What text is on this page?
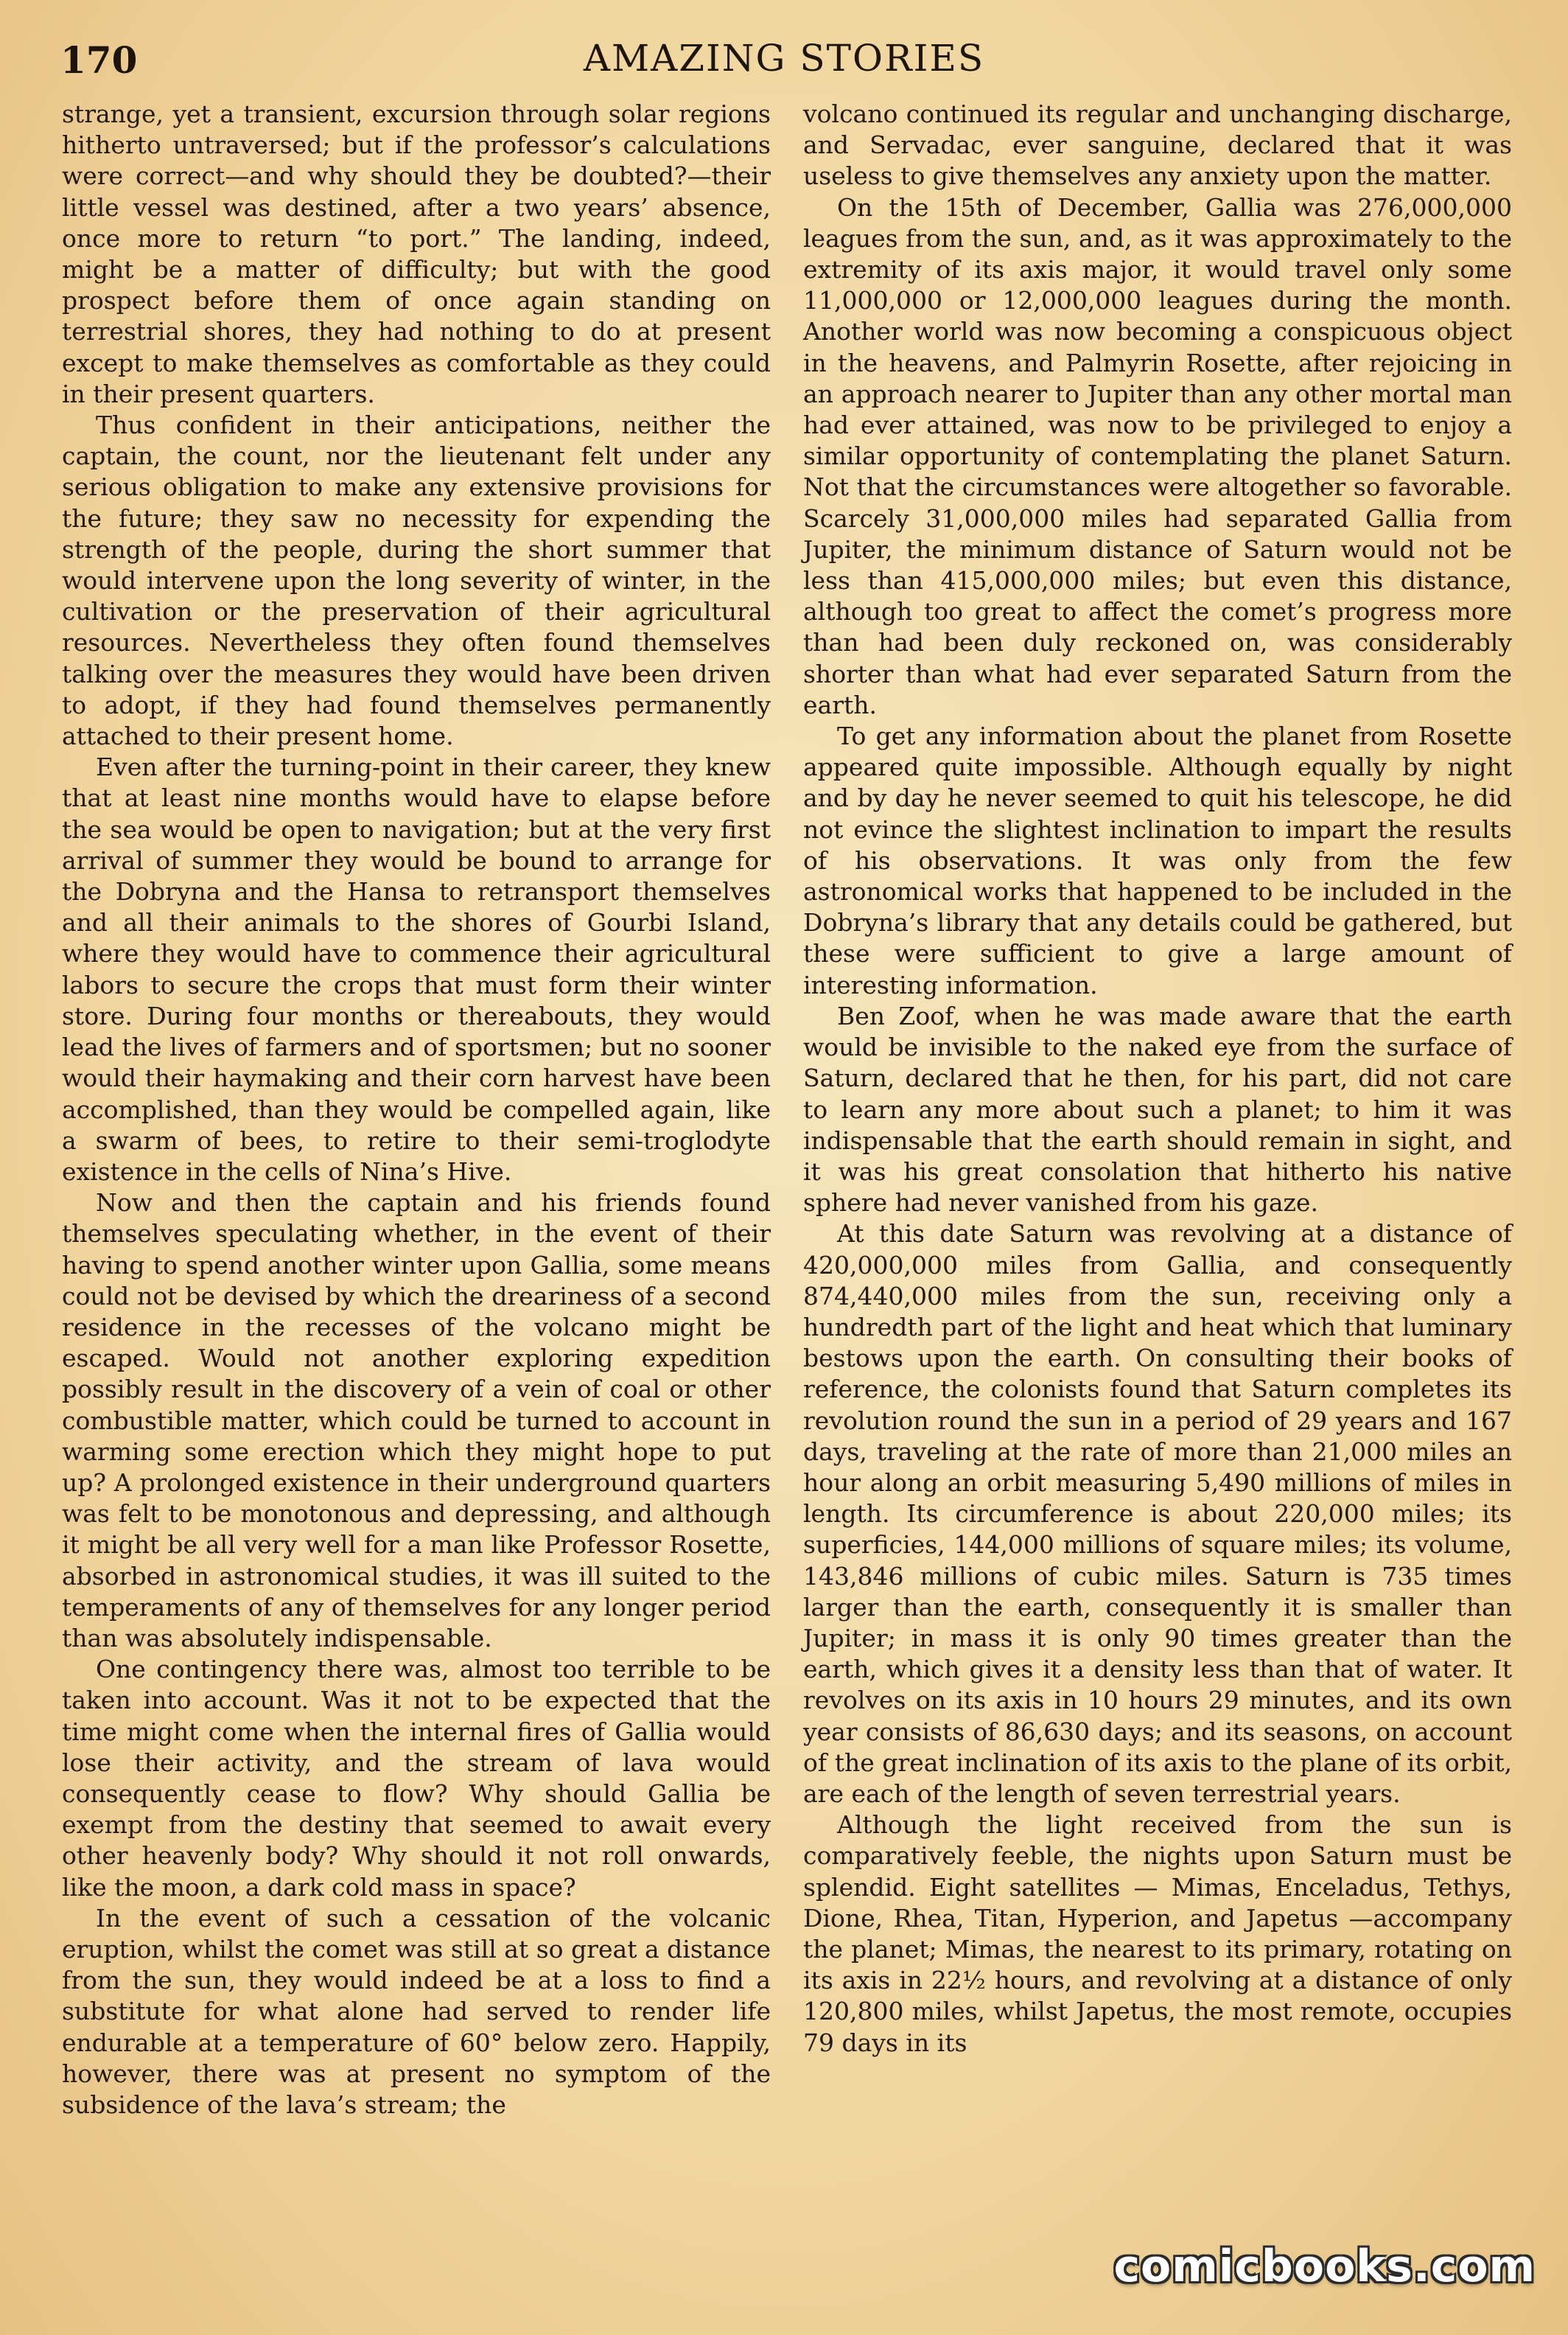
170	AMAZING STORIES

strange, yet a transient, excursion through solar regions hitherto untraversed; but if the professor’s calculations were correct—and why should they be doubted?—their little vessel was destined, after a two years’ absence, once more to return “to port.” The landing, indeed, might be a matter of difficulty; but with the good prospect before them of once again standing on terrestrial shores, they had nothing to do at present except to make themselves as comfortable as they could in their present quarters.

Thus confident in their anticipations, neither the captain, the count, nor the lieutenant felt under any serious obligation to make any extensive provisions for the future; they saw no necessity for expending the strength of the people, during the short summer that would intervene upon the long severity of winter, in the cultivation or the preservation of their agricultural resources. Nevertheless they often found themselves talking over the measures they would have been driven to adopt, if they had found themselves permanently attached to their present home.

Even after the turning-point in their career, they knew that at least nine months would have to elapse before the sea would be open to navigation; but at the very first arrival of summer they would be bound to arrange for the Dobryna and the Hansa to retransport themselves and all their animals to the shores of Gourbi Island, where they would have to commence their agricultural labors to secure the crops that must form their winter store. During four months or thereabouts, they would lead the lives of farmers and of sportsmen; but no sooner would their haymaking and their corn harvest have been accomplished, than they would be compelled again, like a swarm of bees, to retire to their semi-troglodyte existence in the cells of Nina’s Hive.

Now and then the captain and his friends found themselves speculating whether, in the event of their having to spend another winter upon Gallia, some means could not be devised by which the dreariness of a second residence in the recesses of the volcano might be escaped. Would not another exploring expedition possibly result in the discovery of a vein of coal or other combustible matter, which could be turned to account in warming some erection which they might hope to put up? A prolonged existence in their underground quarters was felt to be monotonous and depressing, and although it might be all very well for a man like Professor Rosette, absorbed in astronomical studies, it was ill suited to the temperaments of any of themselves for any longer period than was absolutely indispensable.

One contingency there was, almost too terrible to be taken into account. Was it not to be expected that the time might come when the internal fires of Gallia would lose their activity, and the stream of lava would consequently cease to flow? Why should Gallia be exempt from the destiny that seemed to await every other heavenly body? Why should it not roll onwards, like the moon, a dark cold mass in space?

In the event of such a cessation of the volcanic eruption, whilst the comet was still at so great a distance from the sun, they would indeed be at a loss to find a substitute for what alone had served to render life endurable at a temperature of 60° below zero. Happily, however, there was at present no symptom of the subsidence of the lava’s stream; the

volcano continued its regular and unchanging discharge, and Servadac, ever sanguine, declared that it was useless to give themselves any anxiety upon the matter.

On the 15th of December, Gallia was 276,000,000 leagues from the sun, and, as it was approximately to the extremity of its axis major, it would travel only some 11,000,000 or 12,000,000 leagues during the month. Another world was now becoming a conspicuous object in the heavens, and Palmyrin Rosette, after rejoicing in an approach nearer to Jupiter than any other mortal man had ever attained, was now to be privileged to enjoy a similar opportunity of contemplating the planet Saturn. Not that the circumstances were altogether so favorable. Scarcely 31,000,000 miles had separated Gallia from Jupiter, the minimum distance of Saturn would not be less than 415,000,000 miles; but even this distance, although too great to affect the comet’s progress more than had been duly reckoned on, was considerably shorter than what had ever separated Saturn from the earth.

To get any information about the planet from Rosette appeared quite impossible. Although equally by night and by day he never seemed to quit his telescope, he did not evince the slightest inclination to impart the results of his observations. It was only from the few astronomical works that happened to be included in the Dobryna’s library that any details could be gathered, but these were sufficient to give a large amount of interesting information.

Ben Zoof, when he was made aware that the earth would be invisible to the naked eye from the surface of Saturn, declared that he then, for his part, did not care to learn any more about such a planet; to him it was indispensable that the earth should remain in sight, and it was his great consolation that hitherto his native sphere had never vanished from his gaze.

At this date Saturn was revolving at a distance of 420,000,000 miles from Gallia, and consequently 874,440,000 miles from the sun, receiving only a hundredth part of the light and heat which that luminary bestows upon the earth. On consulting their books of reference, the colonists found that Saturn completes its revolution round the sun in a period of 29 years and 167 days, traveling at the rate of more than 21,000 miles an hour along an orbit measuring 5,490 millions of miles in length. Its circumference is about 220,000 miles; its superficies, 144,000 millions of square miles; its volume, 143,846 millions of cubic miles. Saturn is 735 times larger than the earth, consequently it is smaller than Jupiter; in mass it is only 90 times greater than the earth, which gives it a density less than that of water. It revolves on its axis in 10 hours 29 minutes, and its own year consists of 86,630 days; and its seasons, on account of the great inclination of its axis to the plane of its orbit, are each of the length of seven terrestrial years.

Although the light received from the sun is comparatively feeble, the nights upon Saturn must be splendid. Eight satellites — Mimas, Enceladus, Tethys, Dione, Rhea, Titan, Hyperion, and Japetus —accompany the planet; Mimas, the nearest to its primary, rotating on its axis in 22½ hours, and revolving at a distance of only 120,800 miles, whilst Japetus, the most remote, occupies 79 days in its

comicbooks.com
